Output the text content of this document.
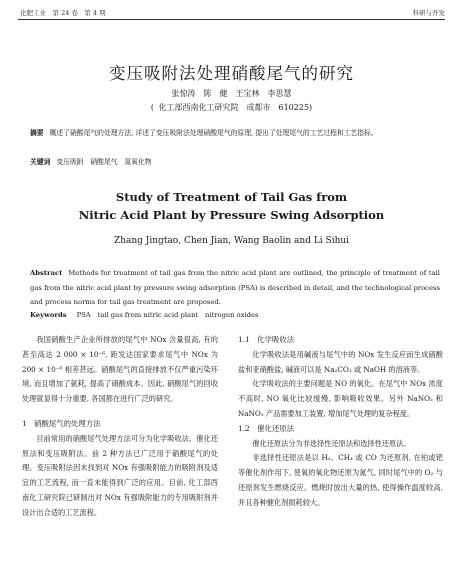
化肥工业　第 24 卷　第 4 期	科研与开发
变压吸附法处理硝酸尾气的研究
张惊涛　陈　健　王宝林　李思慧
( 化工部西南化工研究院　成都市　610225)
摘要 概述了硝酸尾气的处理方法, 详述了变压吸附法处理硝酸尾气的原理, 提出了处理尾气的工艺过程和工艺指标。
关键词 变压吸附　硝酸尾气　氮氧化物
Study of Treatment of Tail Gas from
Nitric Acid Plant by Pressure Swing Adsorption
Zhang Jingtao, Chen Jian, Wang Baolin and Li Sihui
Abstract Methods for treatment of tail gas from the nitric acid plant are outlined, the principle of treatment of tail gas from the nitric acid plant by pressure swing adsorption (PSA) is described in detail, and the technological process and process norms for tail gas treatment are proposed.
Keywords PSA　tail gas from nitric acid plant　nitrogen oxides

我国硝酸生产企业所排放的尾气中 NOx 含量很高, 有的甚至高达 2 000 × 10⁻⁶, 距发达国家要求尾气中 NOx 为 200 × 10⁻⁶ 相差甚远。硝酸尾气的直接排放不仅严重污染环境, 而且增加了氨耗, 提高了硝酸成本。因此, 硝酸尾气的回收处理就显得十分重要, 各国都在进行广泛的研究。

1　硝酸尾气的处理方法

目前常用的硝酸尾气处理方法可分为化学吸收法、催化还原法和变压吸附法。前 2 种方法已广泛用于硝酸尾气的处理。变压吸附法因未找到对 NOx 有强吸附能力的吸附剂及适宜的工艺流程, 而一直未能得到广泛的应用。目前, 化工部西南化工研究院已研制出对 NOx 有强吸附能力的专用吸附剂并设计出合适的工艺流程。

1.1　化学吸收法

化学吸收法是用碱液与尾气中的 NOx 发生反应而生成硝酸盐和亚硝酸盐, 碱液可以是 Na₂CO₃ 或 NaOH 的溶液等。

化学吸收法的主要问题是 NO 的氧化。在尾气中 NOx 浓度不高时, NO 氧化比较缓慢, 影响吸收效果。另外 NaNO₂ 和 NaNO₃ 产品需要加工装置, 增加尾气处理的复杂程度。

1.2　催化还原法

催化还原法分为非选择性还原法和选择性还原法。

非选择性还原法是以 H₂、CH₄ 或 CO 为还原剂, 在铂或钯等催化剂作用下, 使氧的氧化物还原为氮气, 同时尾气中的 O₂ 与还原剂发生燃烧反应。燃烧时放出大量的热, 使得操作温度较高, 并且各种催化剂损耗较大。
